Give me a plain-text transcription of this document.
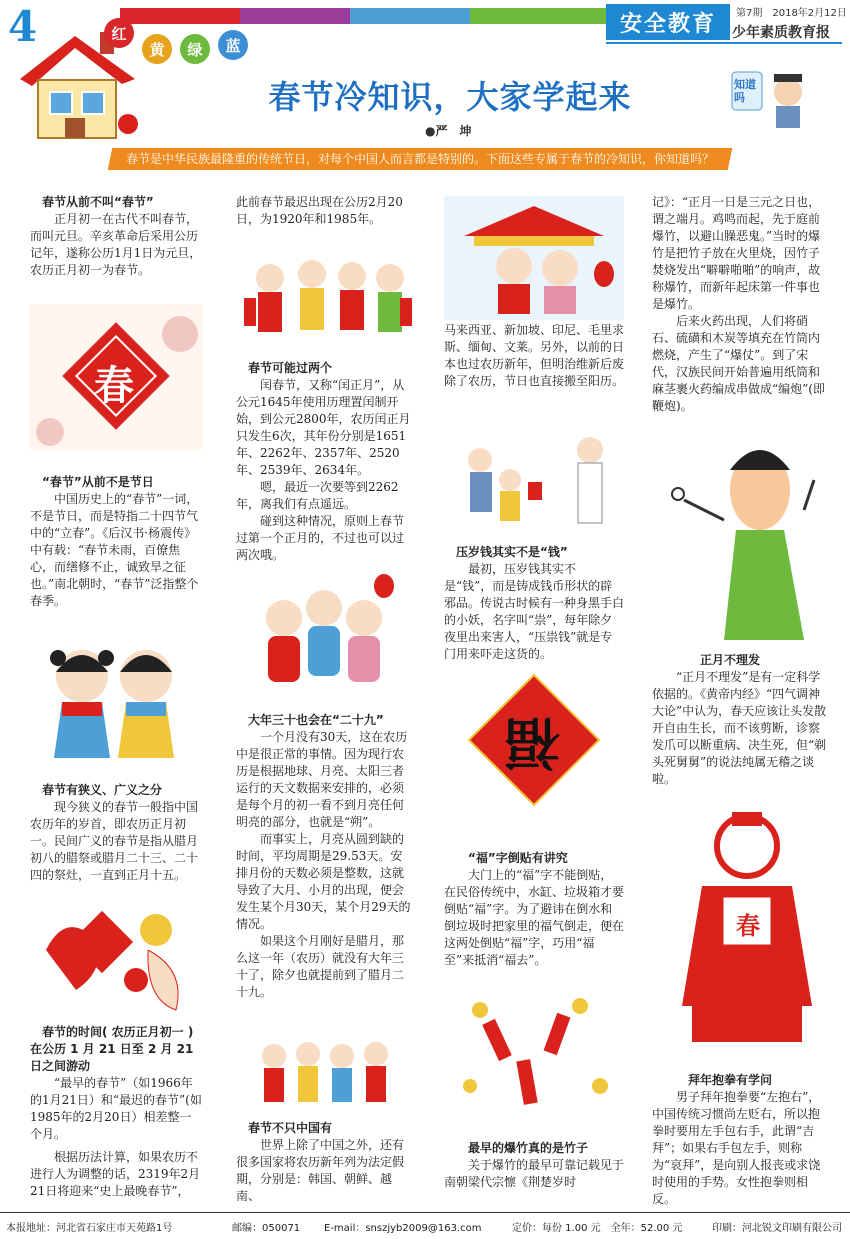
4	红
黄	绿	蓝
安全教育	第7期　2018年2月12日
少年素质教育报
知道吗
春节冷知识，大家学起来
●严　坤
春节是中华民族最隆重的传统节日，对每个中国人而言都是特别的。下面这些专属于春节的冷知识，你知道吗？
春节从前不叫“春节”

正月初一在古代不叫春节，而叫元旦。辛亥革命后采用公历记年，遂称公历1月1日为元旦，农历正月初一为春节。

春
“春节”从前不是节日

中国历史上的“春节”一词，不是节日，而是特指二十四节气中的“立春”。《后汉书·杨震传》中有载：“春节未雨，百僚焦心，而缮修不止，诚致旱之征也。”南北朝时，“春节”泛指整个春季。

春节有狭义、广义之分

现今狭义的春节一般指中国农历年的岁首，即农历正月初一。民间广义的春节是指从腊月初八的腊祭或腊月二十三、二十四的祭灶，一直到正月十五。

春节的时间( 农历正月初一 )在公历 1 月 21 日至 2 月 21 日之间游动

“最早的春节”（如1966年的1月21日）和“最迟的春节”(如1985年的2月20日）相差整一个月。

根据历法计算，如果农历不进行人为调整的话，2319年2月21日将迎来“史上最晚春节”，

此前春节最迟出现在公历2月20日，为1920年和1985年。

春节可能过两个

闰春节，又称“闰正月”，从公元1645年使用历理置闰制开始，到公元2800年，农历闰正月只发生6次，其年份分别是1651年、2262年、2357年、2520年、2539年、2634年。

嗯，最近一次要等到2262年，离我们有点遥远。

碰到这种情况，原则上春节过第一个正月的，不过也可以过两次哦。

大年三十也会在“二十九”

一个月没有30天，这在农历中是很正常的事情。因为现行农历是根据地球、月亮、太阳三者运行的天文数据来安排的，必须是每个月的初一看不到月亮任何明亮的部分，也就是“朔”。

而事实上，月亮从圆到缺的时间，平均周期是29.53天。安排月份的天数必须是整数，这就导致了大月、小月的出现，便会发生某个月30天，某个月29天的情况。

如果这个月刚好是腊月，那么这一年（农历）就没有大年三十了，除夕也就提前到了腊月二十九。

春节不只中国有

世界上除了中国之外，还有很多国家将农历新年列为法定假期，分别是：韩国、朝鲜、越南、

马来西亚、新加坡、印尼、毛里求斯、缅甸、文莱。另外，以前的日本也过农历新年，但明治维新后废除了农历，节日也直接搬至阳历。

压岁钱其实不是“钱”

最初，压岁钱其实不是“钱”，而是铸成钱币形状的辟邪品。传说古时候有一种身黑手白的小妖，名字叫“祟”，每年除夕夜里出来害人，“压祟钱”就是专门用来吓走这货的。

福
“福”字倒贴有讲究

大门上的“福”字不能倒贴，在民俗传统中，水缸、垃圾箱才要倒贴“福”字。为了避讳在倒水和倒垃圾时把家里的福气倒走，便在这两处倒贴“福”字，巧用“福至”来抵消“福去”。

最早的爆竹真的是竹子

关于爆竹的最早可靠记载见于南朝梁代宗懔《荆楚岁时

记》：“正月一日是三元之日也，谓之端月。鸡鸣而起，先于庭前爆竹，以避山臊恶鬼。”当时的爆竹是把竹子放在火里烧，因竹子焚烧发出“噼噼啪啪”的响声，故称爆竹，而新年起床第一件事也是爆竹。

后来火药出现，人们将硝石、硫磺和木炭等填充在竹筒内燃烧，产生了“爆仗”。到了宋代，汉族民间开始普遍用纸筒和麻茎裹火药编成串做成“编炮”(即鞭炮)。

正月不理发

“正月不理发”是有一定科学依据的。《黄帝内经》“四气调神大论”中认为，春天应该让头发散开自由生长，而不该剪断，诊察发爪可以断重病、决生死，但“剃头死舅舅”的说法纯属无稽之谈啦。

春
拜年抱拳有学问

男子拜年抱拳要“左抱右”，中国传统习惯尚左贬右，所以抱拳时要用左手包右手，此谓“吉拜”；如果右手包左手，则称为“哀拜”，是向别人报丧或求饶时使用的手势。女性抱拳则相反。

本报地址：河北省石家庄市天苑路1号	邮编：050071 E-mail：snszjyb2009@163.com	定价：每份 1.00 元　全年：52.00 元	印刷：河北锐文印刷有限公司
